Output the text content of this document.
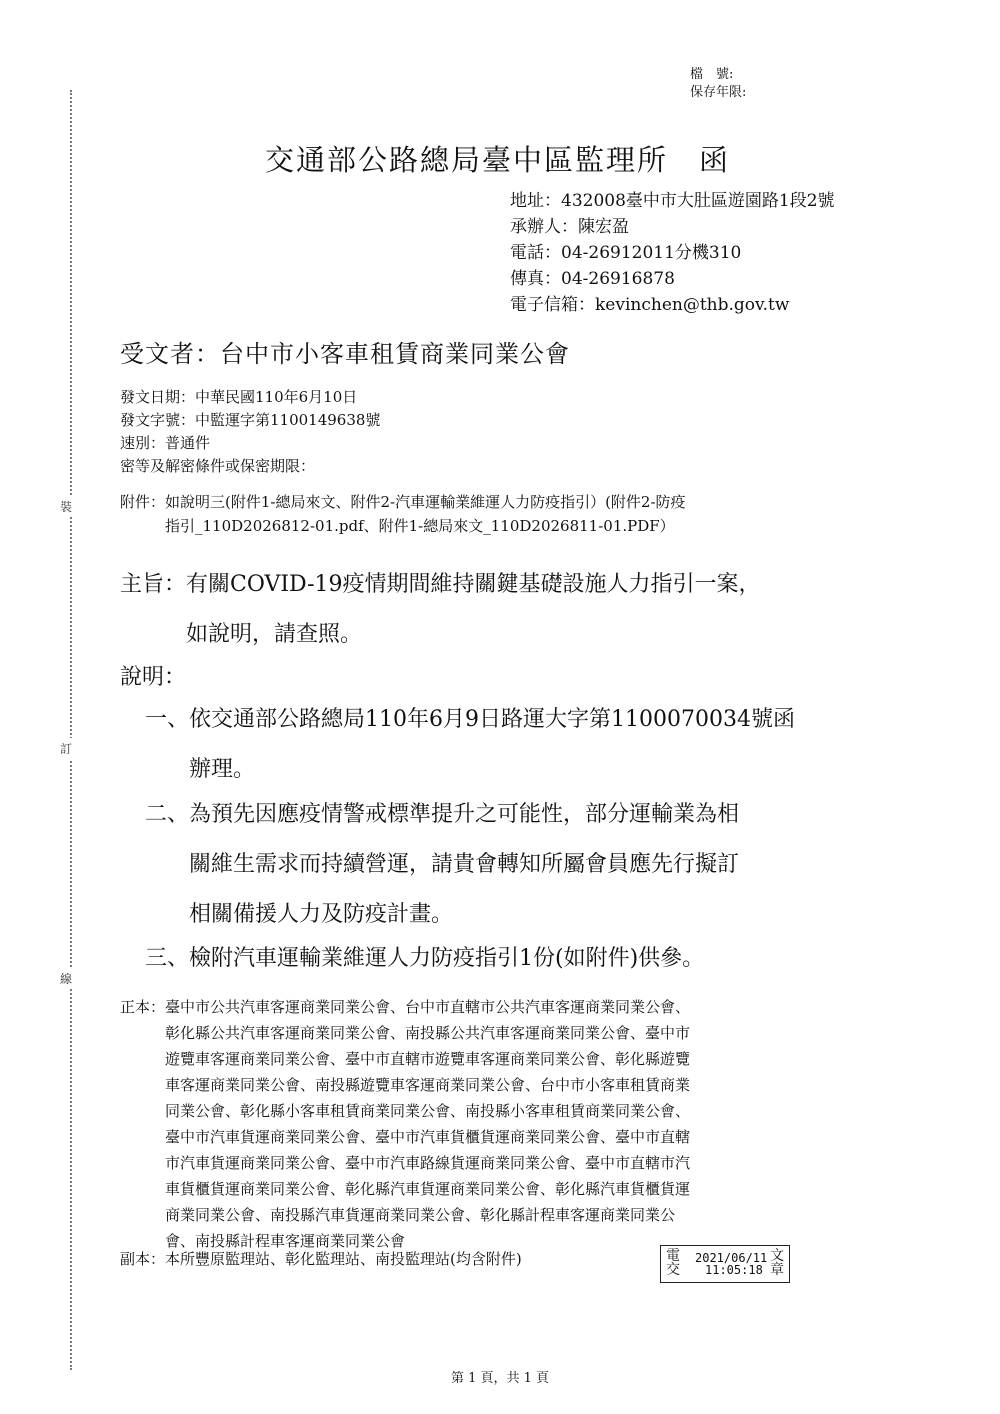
裝
訂
線
檔　號:
保存年限:
交通部公路總局臺中區監理所　函
地址：432008臺中市大肚區遊園路1段2號
承辦人：陳宏盈
電話：04-26912011分機310
傳真：04-26916878
電子信箱：kevinchen@thb.gov.tw
受文者：台中市小客車租賃商業同業公會
發文日期：中華民國110年6月10日
發文字號：中監運字第1100149638號
速別：普通件
密等及解密條件或保密期限：
附件：如說明三(附件1-總局來文、附件2-汽車運輸業維運人力防疫指引）(附件2-防疫
　　　指引_110D2026812-01.pdf、附件1-總局來文_110D2026811-01.PDF）
主旨：有關COVID-19疫情期間維持關鍵基礎設施人力指引一案，
　　　如說明，請查照。
說明：
一、依交通部公路總局110年6月9日路運大字第1100070034號函
　　辦理。
二、為預先因應疫情警戒標準提升之可能性，部分運輸業為相
　　關維生需求而持續營運，請貴會轉知所屬會員應先行擬訂
　　相關備援人力及防疫計畫。
三、檢附汽車運輸業維運人力防疫指引1份(如附件)供參。
正本：臺中市公共汽車客運商業同業公會、台中市直轄市公共汽車客運商業同業公會、
　　　彰化縣公共汽車客運商業同業公會、南投縣公共汽車客運商業同業公會、臺中市
　　　遊覽車客運商業同業公會、臺中市直轄市遊覽車客運商業同業公會、彰化縣遊覽
　　　車客運商業同業公會、南投縣遊覽車客運商業同業公會、台中市小客車租賃商業
　　　同業公會、彰化縣小客車租賃商業同業公會、南投縣小客車租賃商業同業公會、
　　　臺中市汽車貨運商業同業公會、臺中市汽車貨櫃貨運商業同業公會、臺中市直轄
　　　市汽車貨運商業同業公會、臺中市汽車路線貨運商業同業公會、臺中市直轄市汽
　　　車貨櫃貨運商業同業公會、彰化縣汽車貨運商業同業公會、彰化縣汽車貨櫃貨運
　　　商業同業公會、南投縣汽車貨運商業同業公會、彰化縣計程車客運商業同業公
　　　會、南投縣計程車客運商業同業公會
副本：本所豐原監理站、彰化監理站、南投監理站(均含附件)	電
交
文
章
2021/06/11
11:05:18
第 1 頁，共 1 頁
